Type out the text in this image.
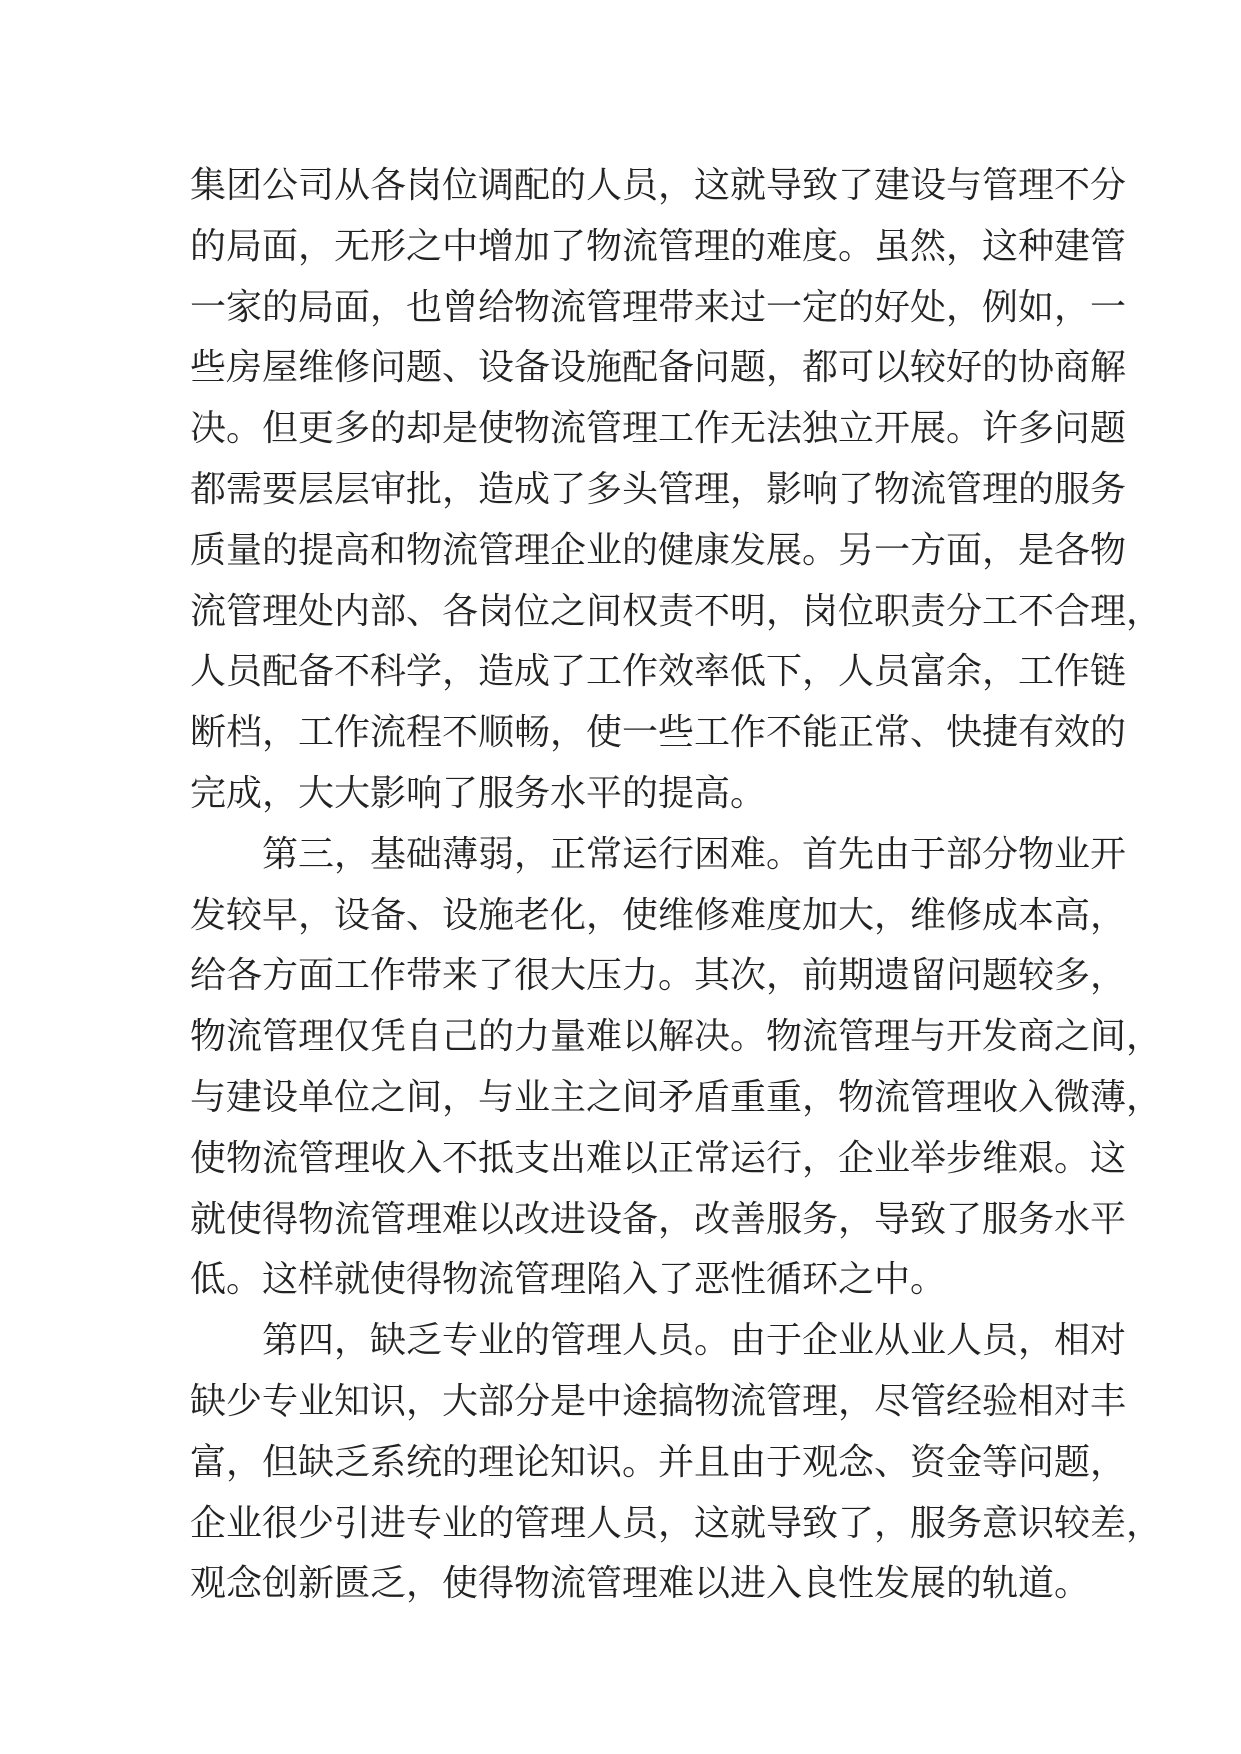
集团公司从各岗位调配的人员，这就导致了建设与管理不分
的局面，无形之中增加了物流管理的难度。虽然，这种建管
一家的局面，也曾给物流管理带来过一定的好处，例如，一
些房屋维修问题、设备设施配备问题，都可以较好的协商解
决。但更多的却是使物流管理工作无法独立开展。许多问题
都需要层层审批，造成了多头管理，影响了物流管理的服务
质量的提高和物流管理企业的健康发展。另一方面，是各物
流管理处内部、各岗位之间权责不明，岗位职责分工不合理，
人员配备不科学，造成了工作效率低下，人员富余，工作链
断档，工作流程不顺畅，使一些工作不能正常、快捷有效的
完成，大大影响了服务水平的提高。
第三，基础薄弱，正常运行困难。首先由于部分物业开
发较早，设备、设施老化，使维修难度加大，维修成本高，
给各方面工作带来了很大压力。其次，前期遗留问题较多，
物流管理仅凭自己的力量难以解决。物流管理与开发商之间，
与建设单位之间，与业主之间矛盾重重，物流管理收入微薄，
使物流管理收入不抵支出难以正常运行，企业举步维艰。这
就使得物流管理难以改进设备，改善服务，导致了服务水平
低。这样就使得物流管理陷入了恶性循环之中。
第四，缺乏专业的管理人员。由于企业从业人员，相对
缺少专业知识，大部分是中途搞物流管理，尽管经验相对丰
富，但缺乏系统的理论知识。并且由于观念、资金等问题，
企业很少引进专业的管理人员，这就导致了，服务意识较差，
观念创新匮乏，使得物流管理难以进入良性发展的轨道。
